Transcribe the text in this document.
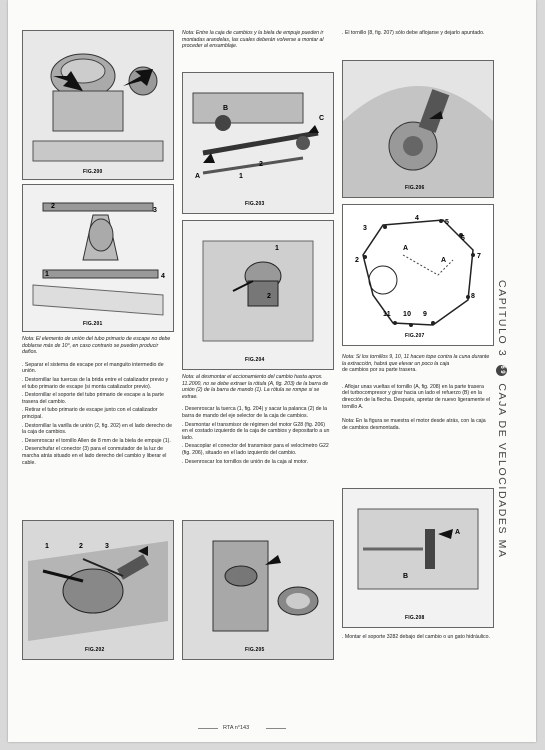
FIG.200
2
3
1	4
FIG.201

Nota: El elemento de unión del tubo primario de escape no debe doblarse más de 10°, en caso contrario se pueden producir daños.

. Separar el sistema de escape por el manguito intermedio de unión.

. Destornillar las tuercas de la brida entre el catalizador previo y el tubo primario de escape (si monta catalizador previo).

. Destornillar el soporte del tubo primario de escape a la parte trasera del cambio.

. Retirar el tubo primario de escape junto con el catalizador principal.

. Destornillar la varilla de unión (2, fig. 202) en el lado derecho de la caja de cambios.

. Desenroscar el tornillo Allen de 8 mm de la biela de empuje (1).

. Desenchufar el conector (3) para el conmutador de la luz de marcha atrás situado en el lado derecho del cambio y liberar el cable.

1	2	3
FIG.202
Nota: Entre la caja de cambios y la biela de empuje pueden ir montadas arandelas, las cuales deberán volverse a montar al proceder al ensamblaje.
B
C
A
2
1
FIG.203
1
2
FIG.204

Nota: al desmontar el accionamiento del cambio hasta aprox. 11.2000, no se debe extraer la rótula (A, fig. 203) de la barra de unión (2) de la barra de mando (1). La rótula se rompe si se extrae.

. Desenroscar la tuerca (1, fig. 204) y sacar la palanca (2) de la barra de mando del eje selector de la caja de cambios.

. Desmontar el transmisor de régimen del motor G28 (fig. 206) en el costado izquierdo de la caja de cambios y depositarlo a un lado.

. Desacoplar el conector del transmisor para el velocímetro G22 (fig. 206), situado en el lado izquierdo del cambio.

. Desenroscar los tornillos de unión de la caja al motor.

FIG.205
. El tornillo (8, fig. 207) sólo debe aflojarse y dejarlo apuntado.
FIG.206
3
4
5
6
7
2
A
A
8
11 10 9
FIG.207

Nota: Si los tornillos 9, 10, 11 hacen tope contra la cuna durante la extracción, habrá que elevar un poco la caja

de cambios por su parte trasera.

. Aflojar unas vueltas el tornillo (A, fig. 208) en la parte trasera del turbocompresor y girar hacia un lado el refuerzo (B) en la dirección de la flecha. Después, apretar de nuevo ligeramente el tornillo A.

Nota: En la figura se muestra el motor desde atrás, con la caja de cambios desmontada.

A
B
FIG.208
. Montar el soporte 3282 debajo del cambio o un gato hidráulico.
CAPITULO 3 69 CAJA DE VELOCIDADES MA
RTA n°143
